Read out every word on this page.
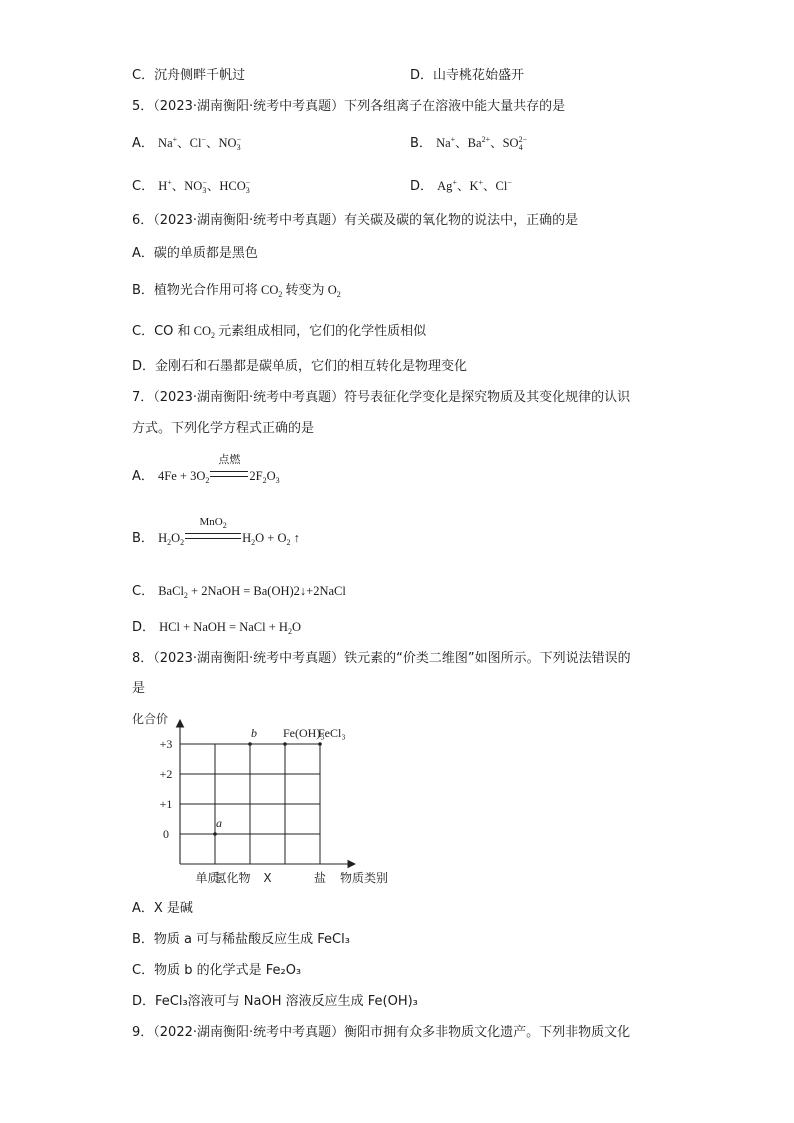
C．沉舟侧畔千帆过	D．山寺桃花始盛开
5．（2023·湖南衡阳·统考中考真题）下列各组离子在溶液中能大量共存的是
A． Na+、Cl−、$NO_3^-$	B． Na+、$Ba^{2+}$、$SO_4^{2-}$
C． H+、$NO_3^-$、$HCO_3^-$	D． Ag+、K+、Cl−
6．（2023·湖南衡阳·统考中考真题）有关碳及碳的氧化物的说法中，正确的是
A．碳的单质都是黑色
B．植物光合作用可将 $CO_2$ 转变为 $O_2$
C．CO 和 $CO_2$ 元素组成相同，它们的化学性质相似
D．金刚石和石墨都是碳单质，它们的相互转化是物理变化
7．（2023·湖南衡阳·统考中考真题）符号表征化学变化是探究物质及其变化规律的认识
方式。下列化学方程式正确的是
A． $4Fe + 3O_2$
点燃
$2F_2O_3$
B． $H_2O_2$
MnO$_2$
$H_2O + O_2$ ↑
C． BaCl$_2$ + 2NaOH = Ba(OH)2↓+2NaCl
D． HCl + NaOH = NaCl + $H_2O$
8．（2023·湖南衡阳·统考中考真题）铁元素的“价类二维图”如图所示。下列说法错误的
是
化合价
+3
+2
+1
0
单质
氢化物 X	盐
a
b Fe(OH)₃
FeCl₃
物质类别
A．X 是碱
B．物质 a 可与稀盐酸反应生成 FeCl₃
C．物质 b 的化学式是 Fe₂O₃
D．FeCl₃溶液可与 NaOH 溶液反应生成 Fe(OH)₃
9．（2022·湖南衡阳·统考中考真题）衡阳市拥有众多非物质文化遗产。下列非物质文化
